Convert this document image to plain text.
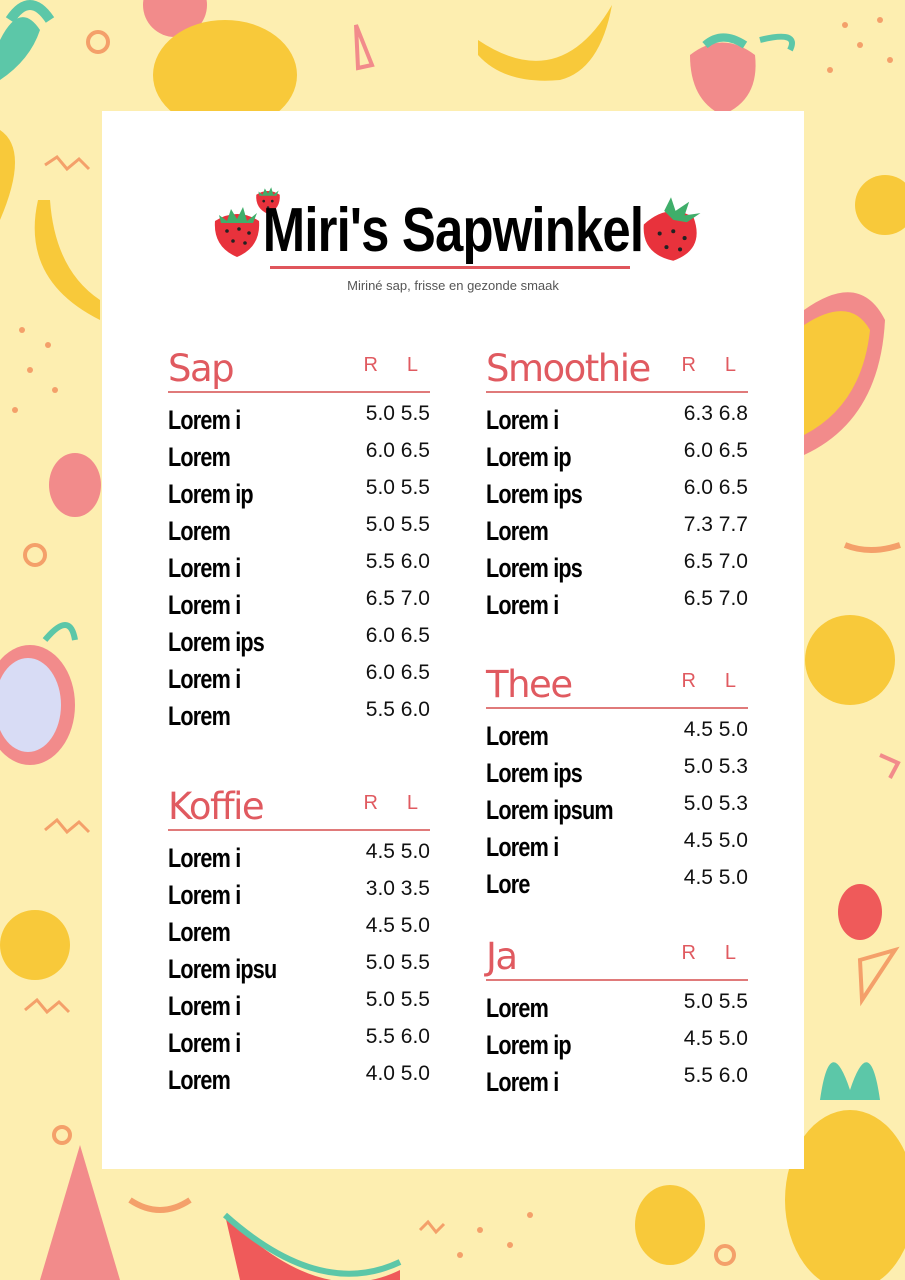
Miri's Sapwinkel
Miriné sap, frisse en gezonde smaak
Sap	R L
Lorem i	5.0 5.5
Lorem	6.0 6.5
Lorem ip	5.0 5.5
Lorem	5.0 5.5
Lorem i	5.5 6.0
Lorem i	6.5 7.0
Lorem ips	6.0 6.5
Lorem i	6.0 6.5
Lorem	5.5 6.0
Koffie	R L
Lorem i	4.5 5.0
Lorem i	3.0 3.5
Lorem	4.5 5.0
Lorem ipsu	5.0 5.5
Lorem i	5.0 5.5
Lorem i	5.5 6.0
Lorem	4.0 5.0
Smoothie R L
Lorem i	6.3 6.8
Lorem ip	6.0 6.5
Lorem ips	6.0 6.5
Lorem	7.3 7.7
Lorem ips	6.5 7.0
Lorem i	6.5 7.0
Thee	R L
Lorem	4.5 5.0
Lorem ips	5.0 5.3
Lorem ipsum	5.0 5.3
Lorem i	4.5 5.0
Lore	4.5 5.0
Ja	R L
Lorem	5.0 5.5
Lorem ip	4.5 5.0
Lorem i	5.5 6.0
